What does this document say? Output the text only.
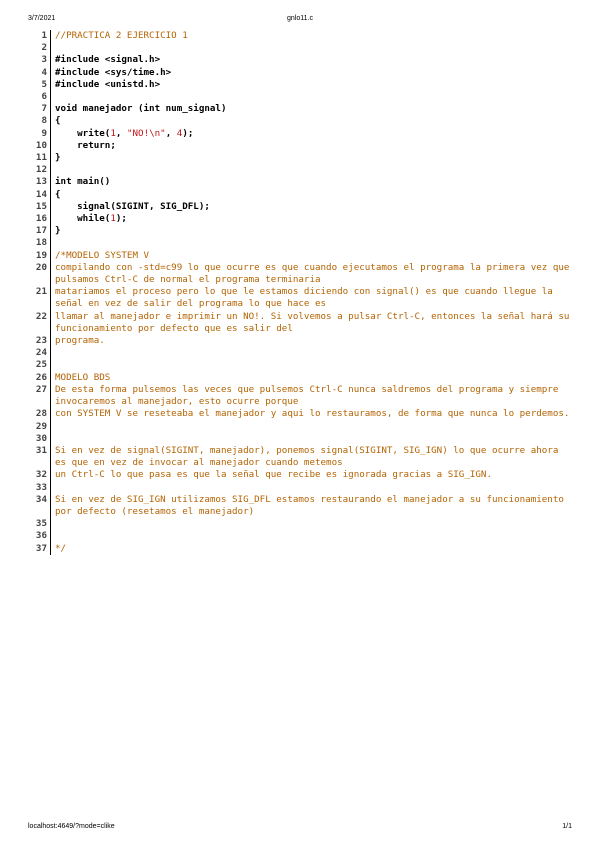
3/7/2021	gnlo11.c
1 //PRACTICA 2 EJERCICIO 1
2

3 #include <signal.h>
4 #include <sys/time.h>
5 #include <unistd.h>
6

7 void manejador (int num_signal)
8 {
9 write(1, "NO!\n", 4);
10 return;
11 }
12

13 int main()
14 {
15 signal(SIGINT, SIG_DFL);
16 while(1);
17 }
18

19 /*MODELO SYSTEM V
20 compilando con -std=c99 lo que ocurre es que cuando ejecutamos el programa la primera vez que pulsamos Ctrl-C de normal el programa terminaria
21 matariamos el proceso pero lo que le estamos diciendo con signal() es que cuando llegue la señal en vez de salir del programa lo que hace es
22 llamar al manejador e imprimir un NO!. Si volvemos a pulsar Ctrl-C, entonces la señal hará su funcionamiento por defecto que es salir del
23 programa.
24

25

26 MODELO BDS
27 De esta forma pulsemos las veces que pulsemos Ctrl-C nunca saldremos del programa y siempre invocaremos al manejador, esto ocurre porque
28 con SYSTEM V se reseteaba el manejador y aqui lo restauramos, de forma que nunca lo perdemos.
29

30

31 Si en vez de signal(SIGINT, manejador), ponemos signal(SIGINT, SIG_IGN) lo que ocurre ahora es que en vez de invocar al manejador cuando metemos
32 un Ctrl-C lo que pasa es que la señal que recibe es ignorada gracias a SIG_IGN.
33

34 Si en vez de SIG_IGN utilizamos SIG_DFL estamos restaurando el manejador a su funcionamiento por defecto (resetamos el manejador)
35

36

37 */
localhost:4649/?mode=clike	1/1
